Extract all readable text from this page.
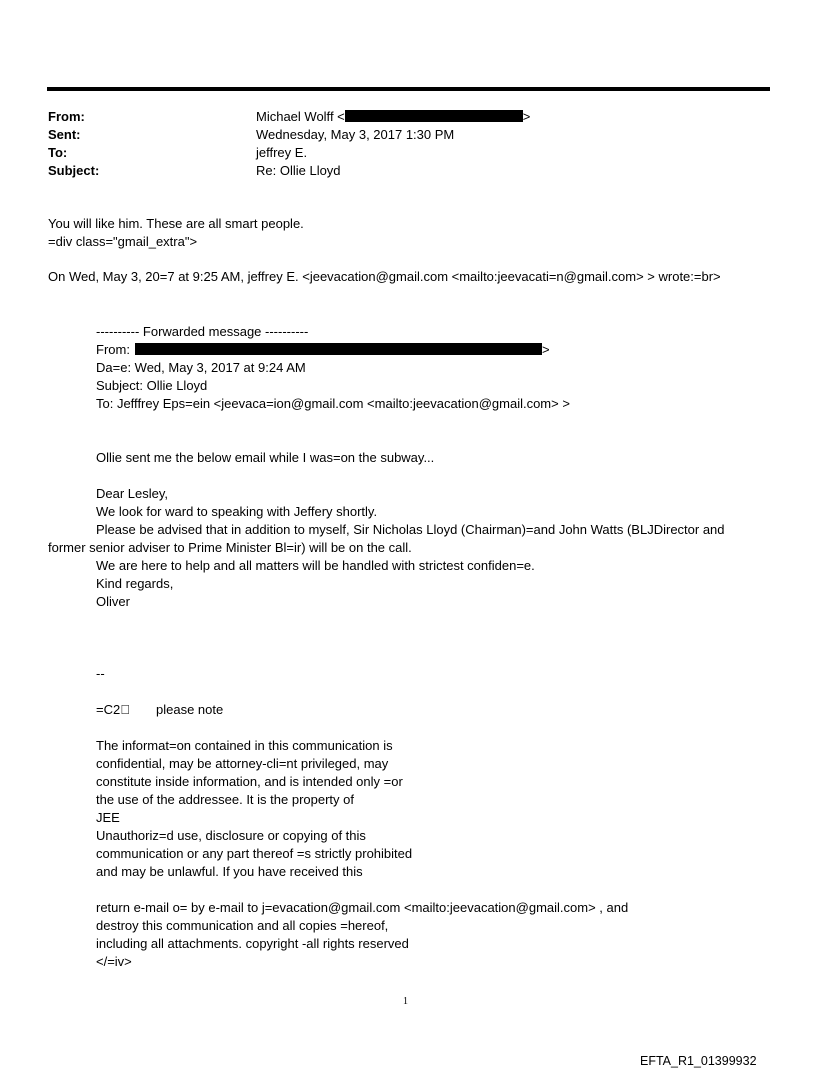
From:	Michael Wolff <	>
Sent:	Wednesday, May 3, 2017 1:30 PM
To:	jeffrey E.
Subject:	Re: Ollie Lloyd
You will like him. These are all smart people.
=div class="gmail_extra">
On Wed, May 3, 20=7 at 9:25 AM, jeffrey E. <jeevacation@gmail.com <mailto:jeevacati=n@gmail.com> > wrote:=br>
---------- Forwarded message ----------
From:	>
Da=e: Wed, May 3, 2017 at 9:24 AM
Subject: Ollie Lloyd
To: Jefffrey Eps=ein <jeevaca=ion@gmail.com <mailto:jeevacation@gmail.com> >
Ollie sent me the below email while I was=on the subway...
Dear Lesley,
We look for ward to speaking with Jeffery shortly.
Please be advised that in addition to myself, Sir Nicholas Lloyd (Chairman)=and John Watts (BLJDirector and
former senior adviser to Prime Minister Bl=ir) will be on the call.
We are here to help and all matters will be handled with strictest confiden=e.
Kind regards,
Oliver
--
=C2  please note
The informat=on contained in this communication is
confidential, may be attorney-cli=nt privileged, may
constitute inside information, and is intended only =or
the use of the addressee. It is the property of
JEE
Unauthoriz=d use, disclosure or copying of this
communication or any part thereof =s strictly prohibited
and may be unlawful. If you have received this
return e-mail o= by e-mail to j=evacation@gmail.com <mailto:jeevacation@gmail.com> , and
destroy this communication and all copies =hereof,
including all attachments. copyright -all rights reserved
</=iv>
1
EFTA_R1_01399932
